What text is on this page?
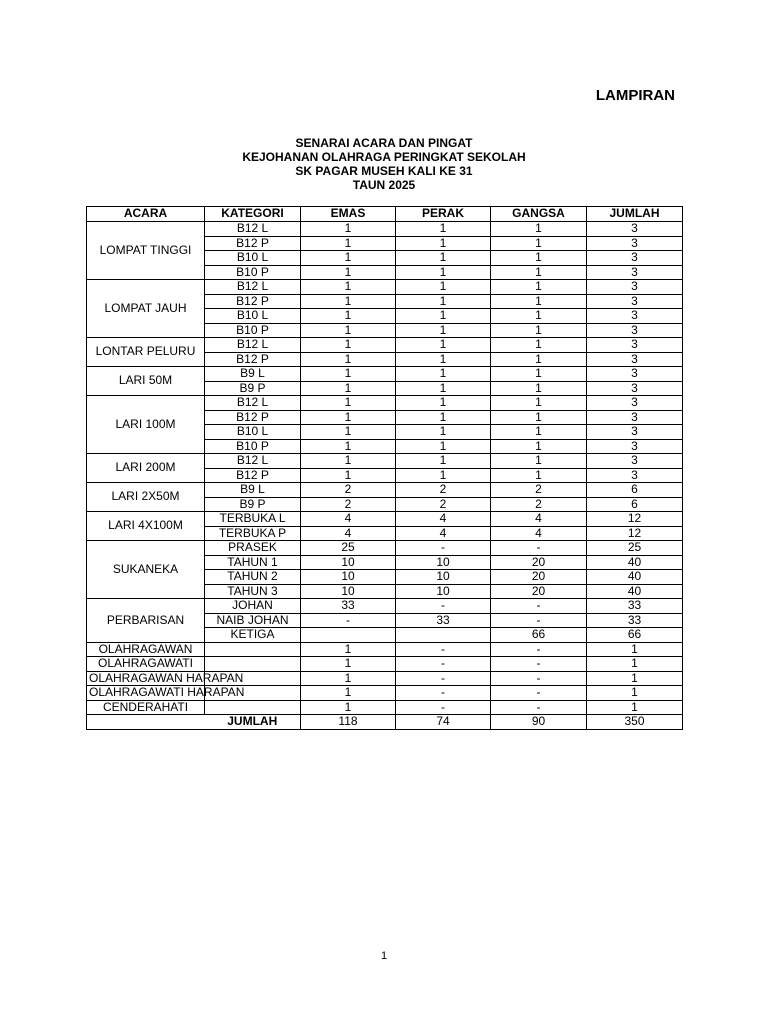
LAMPIRAN
SENARAI ACARA DAN PINGAT
KEJOHANAN OLAHRAGA PERINGKAT SEKOLAH
SK PAGAR MUSEH KALI KE 31
TAUN 2025
ACARA	KATEGORI	EMAS	PERAK	GANGSA	JUMLAH
LOMPAT TINGGI	B12 L	1	1	1	3
	B12 P	1	1	1	3
	B10 L	1	1	1	3
	B10 P	1	1	1	3
LOMPAT JAUH	B12 L	1	1	1	3
	B12 P	1	1	1	3
	B10 L	1	1	1	3
	B10 P	1	1	1	3
LONTAR PELURU	B12 L	1	1	1	3
	B12 P	1	1	1	3
LARI 50M	B9 L	1	1	1	3
	B9 P	1	1	1	3
LARI 100M	B12 L	1	1	1	3
	B12 P	1	1	1	3
	B10 L	1	1	1	3
	B10 P	1	1	1	3
LARI 200M	B12 L	1	1	1	3
	B12 P	1	1	1	3
LARI 2X50M	B9 L	2	2	2	6
	B9 P	2	2	2	6
LARI 4X100M	TERBUKA L	4	4	4	12
	TERBUKA P	4	4	4	12
SUKANEKA	PRASEK	25	-	-	25
	TAHUN 1	10	10	20	40
	TAHUN 2	10	10	20	40
	TAHUN 3	10	10	20	40
PERBARISAN	JOHAN	33	-	-	33
	NAIB JOHAN	-	33	-	33
	KETIGA			66	66
OLAHRAGAWAN		1	-	-	1
OLAHRAGAWATI		1	-	-	1
OLAHRAGAWAN HARAPAN		1	-	-	1
OLAHRAGAWATI HARAPAN		1	-	-	1
CENDERAHATI		1	-	-	1
	JUMLAH	118	74	90	350
1
